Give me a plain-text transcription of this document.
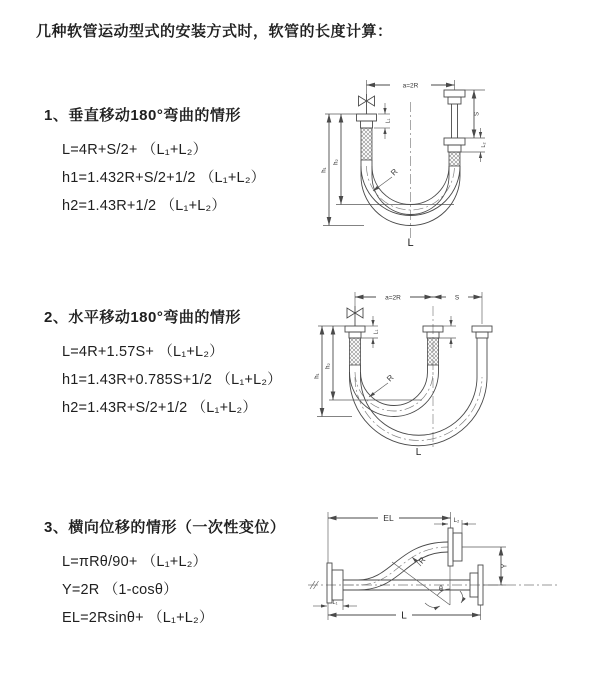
几种软管运动型式的安装方式时，软管的长度计算：
1、垂直移动180°弯曲的情形
L=4R+S/2+ （L₁+L₂）
h1=1.432R+S/2+1/2 （L₁+L₂）
h2=1.43R+1/2 （L₁+L₂）
a=2R
L₁
S
L₂
h₂
h₁	R
L
2、水平移动180°弯曲的情形
L=4R+1.57S+ （L₁+L₂）
h1=1.43R+0.785S+1/2 （L₁+L₂）
h2=1.43R+S/2+1/2 （L₁+L₂）
a=2R	S
L₁
h₂
h₁	R
L
3、横向位移的情形（一次性变位）
L=πRθ/90+ （L₁+L₂）
Y=2R （1-cosθ）
EL=2Rsinθ+ （L₁+L₂）
EL	L₂
Y
θ
R
L₁
L
